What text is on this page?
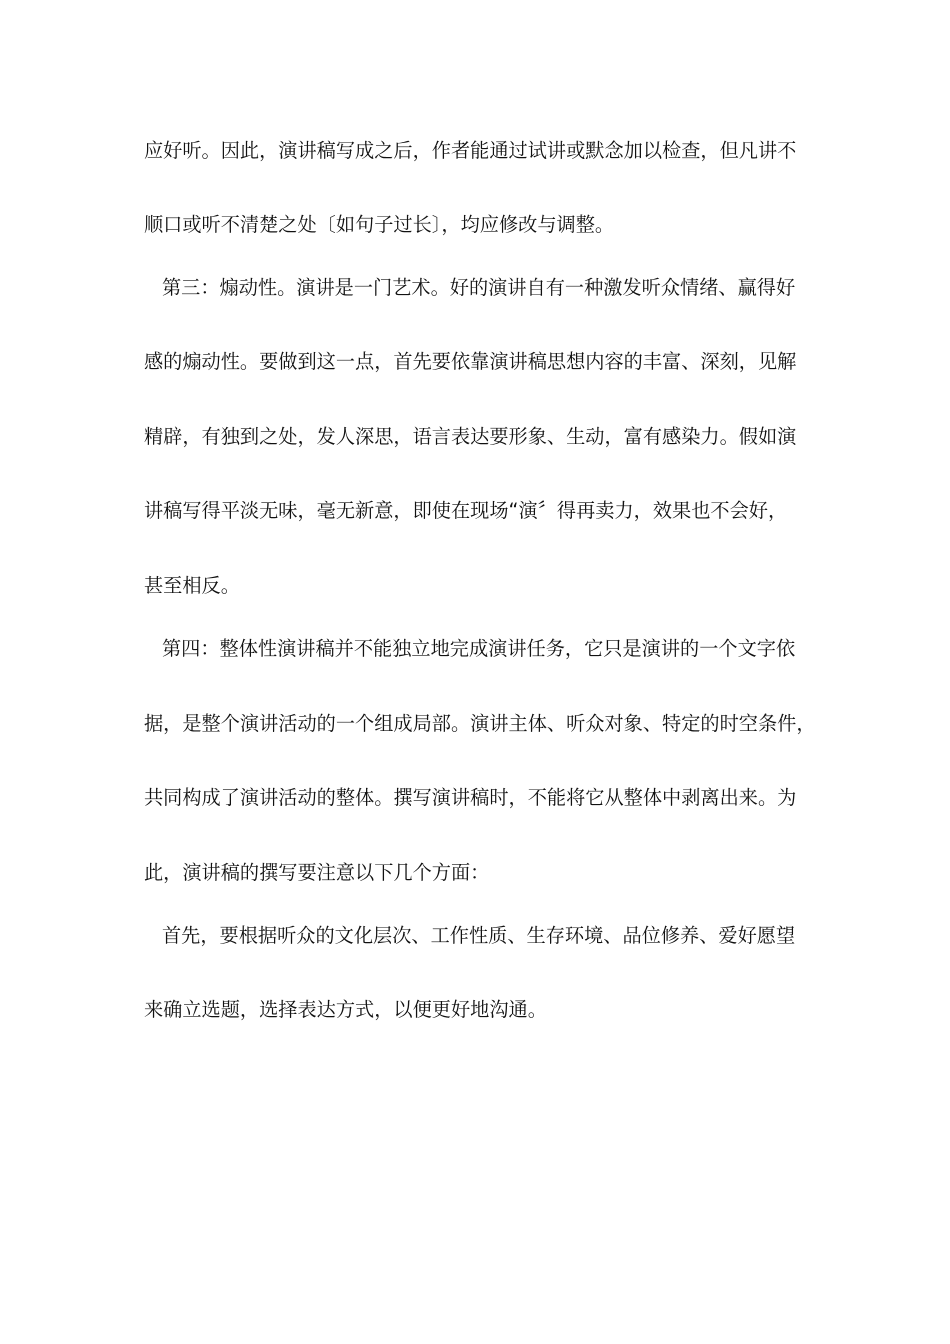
应好听。因此，演讲稿写成之后，作者能通过试讲或默念加以检查，但凡讲不
顺口或听不清楚之处〔如句子过长〕，均应修改与调整。
第三：煽动性。演讲是一门艺术。好的演讲自有一种激发听众情绪、赢得好
感的煽动性。要做到这一点，首先要依靠演讲稿思想内容的丰富、深刻，见解
精辟，有独到之处，发人深思，语言表达要形象、生动，富有感染力。假如演
讲稿写得平淡无味，毫无新意，即使在现场“演〞得再卖力，效果也不会好，
甚至相反。
第四：整体性演讲稿并不能独立地完成演讲任务，它只是演讲的一个文字依
据，是整个演讲活动的一个组成局部。演讲主体、听众对象、特定的时空条件，
共同构成了演讲活动的整体。撰写演讲稿时，不能将它从整体中剥离出来。为
此，演讲稿的撰写要注意以下几个方面：
首先，要根据听众的文化层次、工作性质、生存环境、品位修养、爱好愿望
来确立选题，选择表达方式，以便更好地沟通。
